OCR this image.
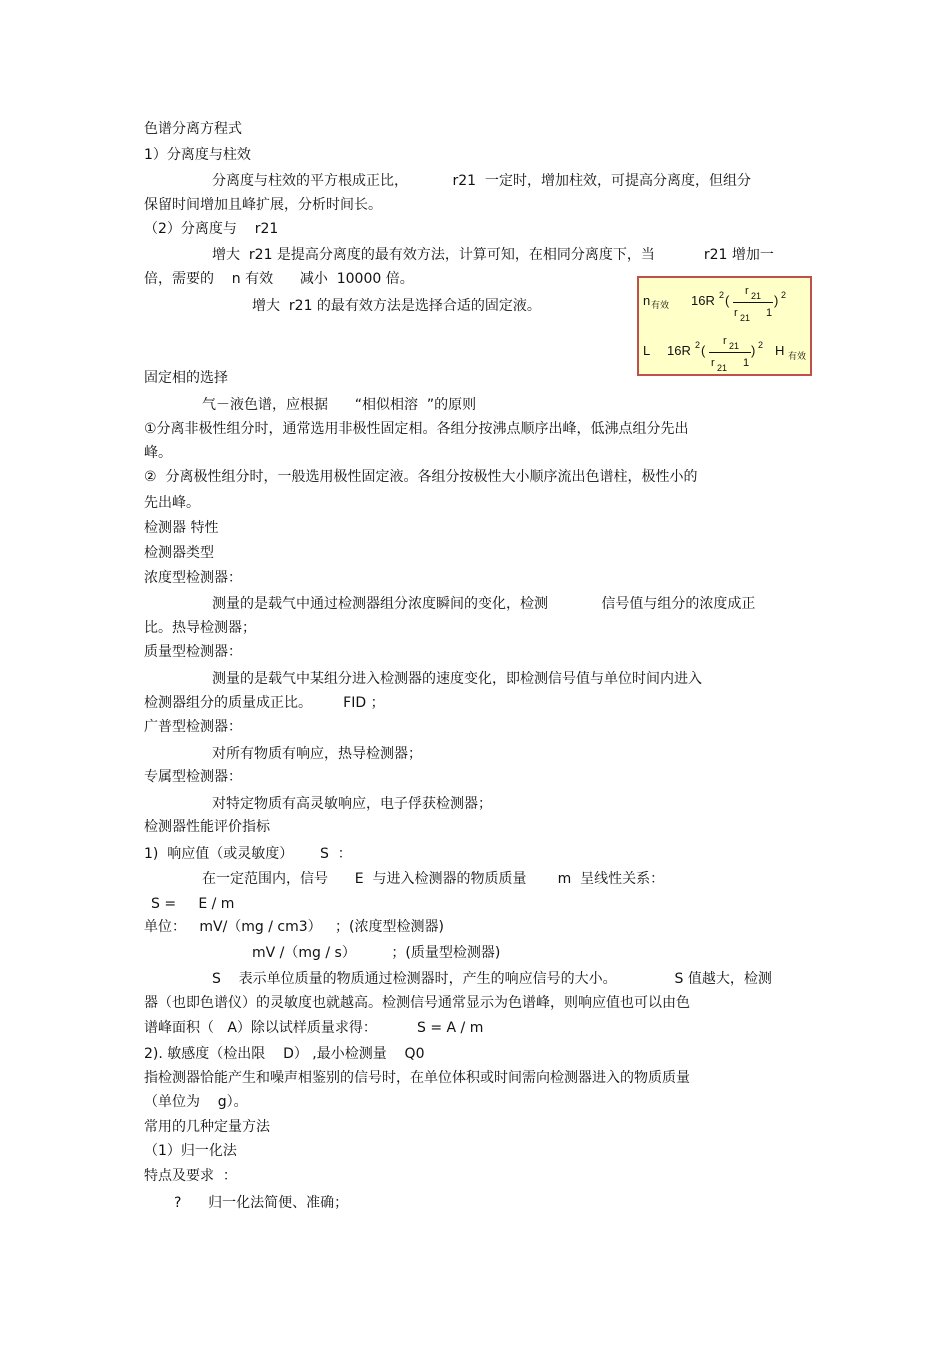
色谱分离方程式
1）分离度与柱效
分离度与柱效的平方根成正比，          r21  一定时，增加柱效，可提高分离度，但组分
保留时间增加且峰扩展，分析时间长。
（2）分离度与    r21
增大  r21 是提高分离度的最有效方法，计算可知，在相同分离度下，当           r21 增加一
倍，需要的    n 有效      减小  10000 倍。
增大  r21 的最有效方法是选择合适的固定液。	n 有效 16R 2 (
r 21
r 21 1
) 2
L 16R 2 (
r 21
r 21 1
) 2 H 有效
固定相的选择
气－液色谱，应根据      “相似相溶  ”的原则
①分离非极性组分时，通常选用非极性固定相。各组分按沸点顺序出峰，低沸点组分先出
峰。
②  分离极性组分时，一般选用极性固定液。各组分按极性大小顺序流出色谱柱，极性小的
先出峰。
检测器 特性
检测器类型
浓度型检测器：
测量的是载气中通过检测器组分浓度瞬间的变化，检测            信号值与组分的浓度成正
比。热导检测器；
质量型检测器：
测量的是载气中某组分进入检测器的速度变化，即检测信号值与单位时间内进入
检测器组分的质量成正比。       FID ；
广普型检测器：
对所有物质有响应，热导检测器；
专属型检测器：
对特定物质有高灵敏响应，电子俘获检测器；
检测器性能评价指标
1)  响应值（或灵敏度）      S  ：
在一定范围内，信号      E  与进入检测器的物质质量       m  呈线性关系：
S =     E / m
单位：   mV/（mg / cm3）   ；(浓度型检测器)
mV /（mg / s）        ；(质量型检测器)
S    表示单位质量的物质通过检测器时，产生的响应信号的大小。             S 值越大，检测
器（也即色谱仪）的灵敏度也就越高。检测信号通常显示为色谱峰，则响应值也可以由色
谱峰面积（   A）除以试样质量求得：         S = A / m
2). 敏感度（检出限    D） ,最小检测量    Q0
指检测器恰能产生和噪声相鉴别的信号时，在单位体积或时间需向检测器进入的物质质量
（单位为    g）。
常用的几种定量方法
（1）归一化法
特点及要求  ：
?      归一化法简便、准确；
